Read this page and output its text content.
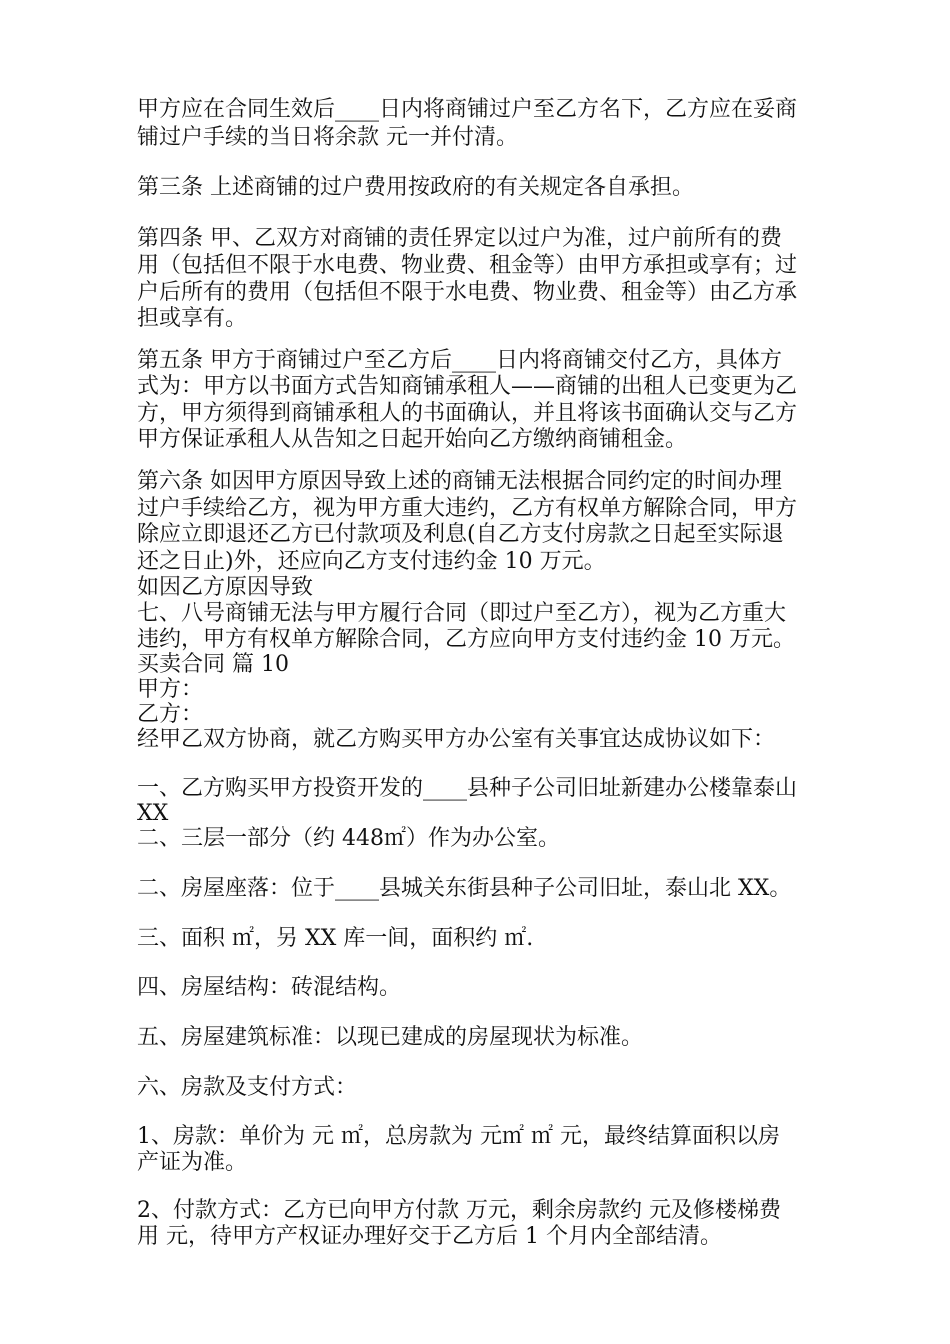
甲方应在合同生效后____日内将商铺过户至乙方名下，乙方应在妥商
铺过户手续的当日将余款 元一并付清。
第三条 上述商铺的过户费用按政府的有关规定各自承担。
第四条 甲、乙双方对商铺的责任界定以过户为准，过户前所有的费
用（包括但不限于水电费、物业费、租金等）由甲方承担或享有；过
户后所有的费用（包括但不限于水电费、物业费、租金等）由乙方承
担或享有。
第五条 甲方于商铺过户至乙方后____日内将商铺交付乙方，具体方
式为：甲方以书面方式告知商铺承租人——商铺的出租人已变更为乙
方，甲方须得到商铺承租人的书面确认，并且将该书面确认交与乙方
甲方保证承租人从告知之日起开始向乙方缴纳商铺租金。
第六条 如因甲方原因导致上述的商铺无法根据合同约定的时间办理
过户手续给乙方，视为甲方重大违约，乙方有权单方解除合同，甲方
除应立即退还乙方已付款项及利息(自乙方支付房款之日起至实际退
还之日止)外，还应向乙方支付违约金 10 万元。
如因乙方原因导致
七、八号商铺无法与甲方履行合同（即过户至乙方），视为乙方重大
违约，甲方有权单方解除合同，乙方应向甲方支付违约金 10 万元。
买卖合同 篇 10
甲方：
乙方：
经甲乙双方协商，就乙方购买甲方办公室有关事宜达成协议如下：
一、乙方购买甲方投资开发的____县种子公司旧址新建办公楼靠泰山
XX
二、三层一部分（约 448㎡）作为办公室。
二、房屋座落：位于____县城关东街县种子公司旧址，泰山北 XX。
三、面积 ㎡，另 XX 库一间，面积约 ㎡.
四、房屋结构：砖混结构。
五、房屋建筑标准：以现已建成的房屋现状为标准。
六、房款及支付方式：
1、房款：单价为 元 ㎡，总房款为 元㎡ ㎡ 元，最终结算面积以房
产证为准。
2、付款方式：乙方已向甲方付款 万元，剩余房款约 元及修楼梯费
用 元，待甲方产权证办理好交于乙方后 1 个月内全部结清。
